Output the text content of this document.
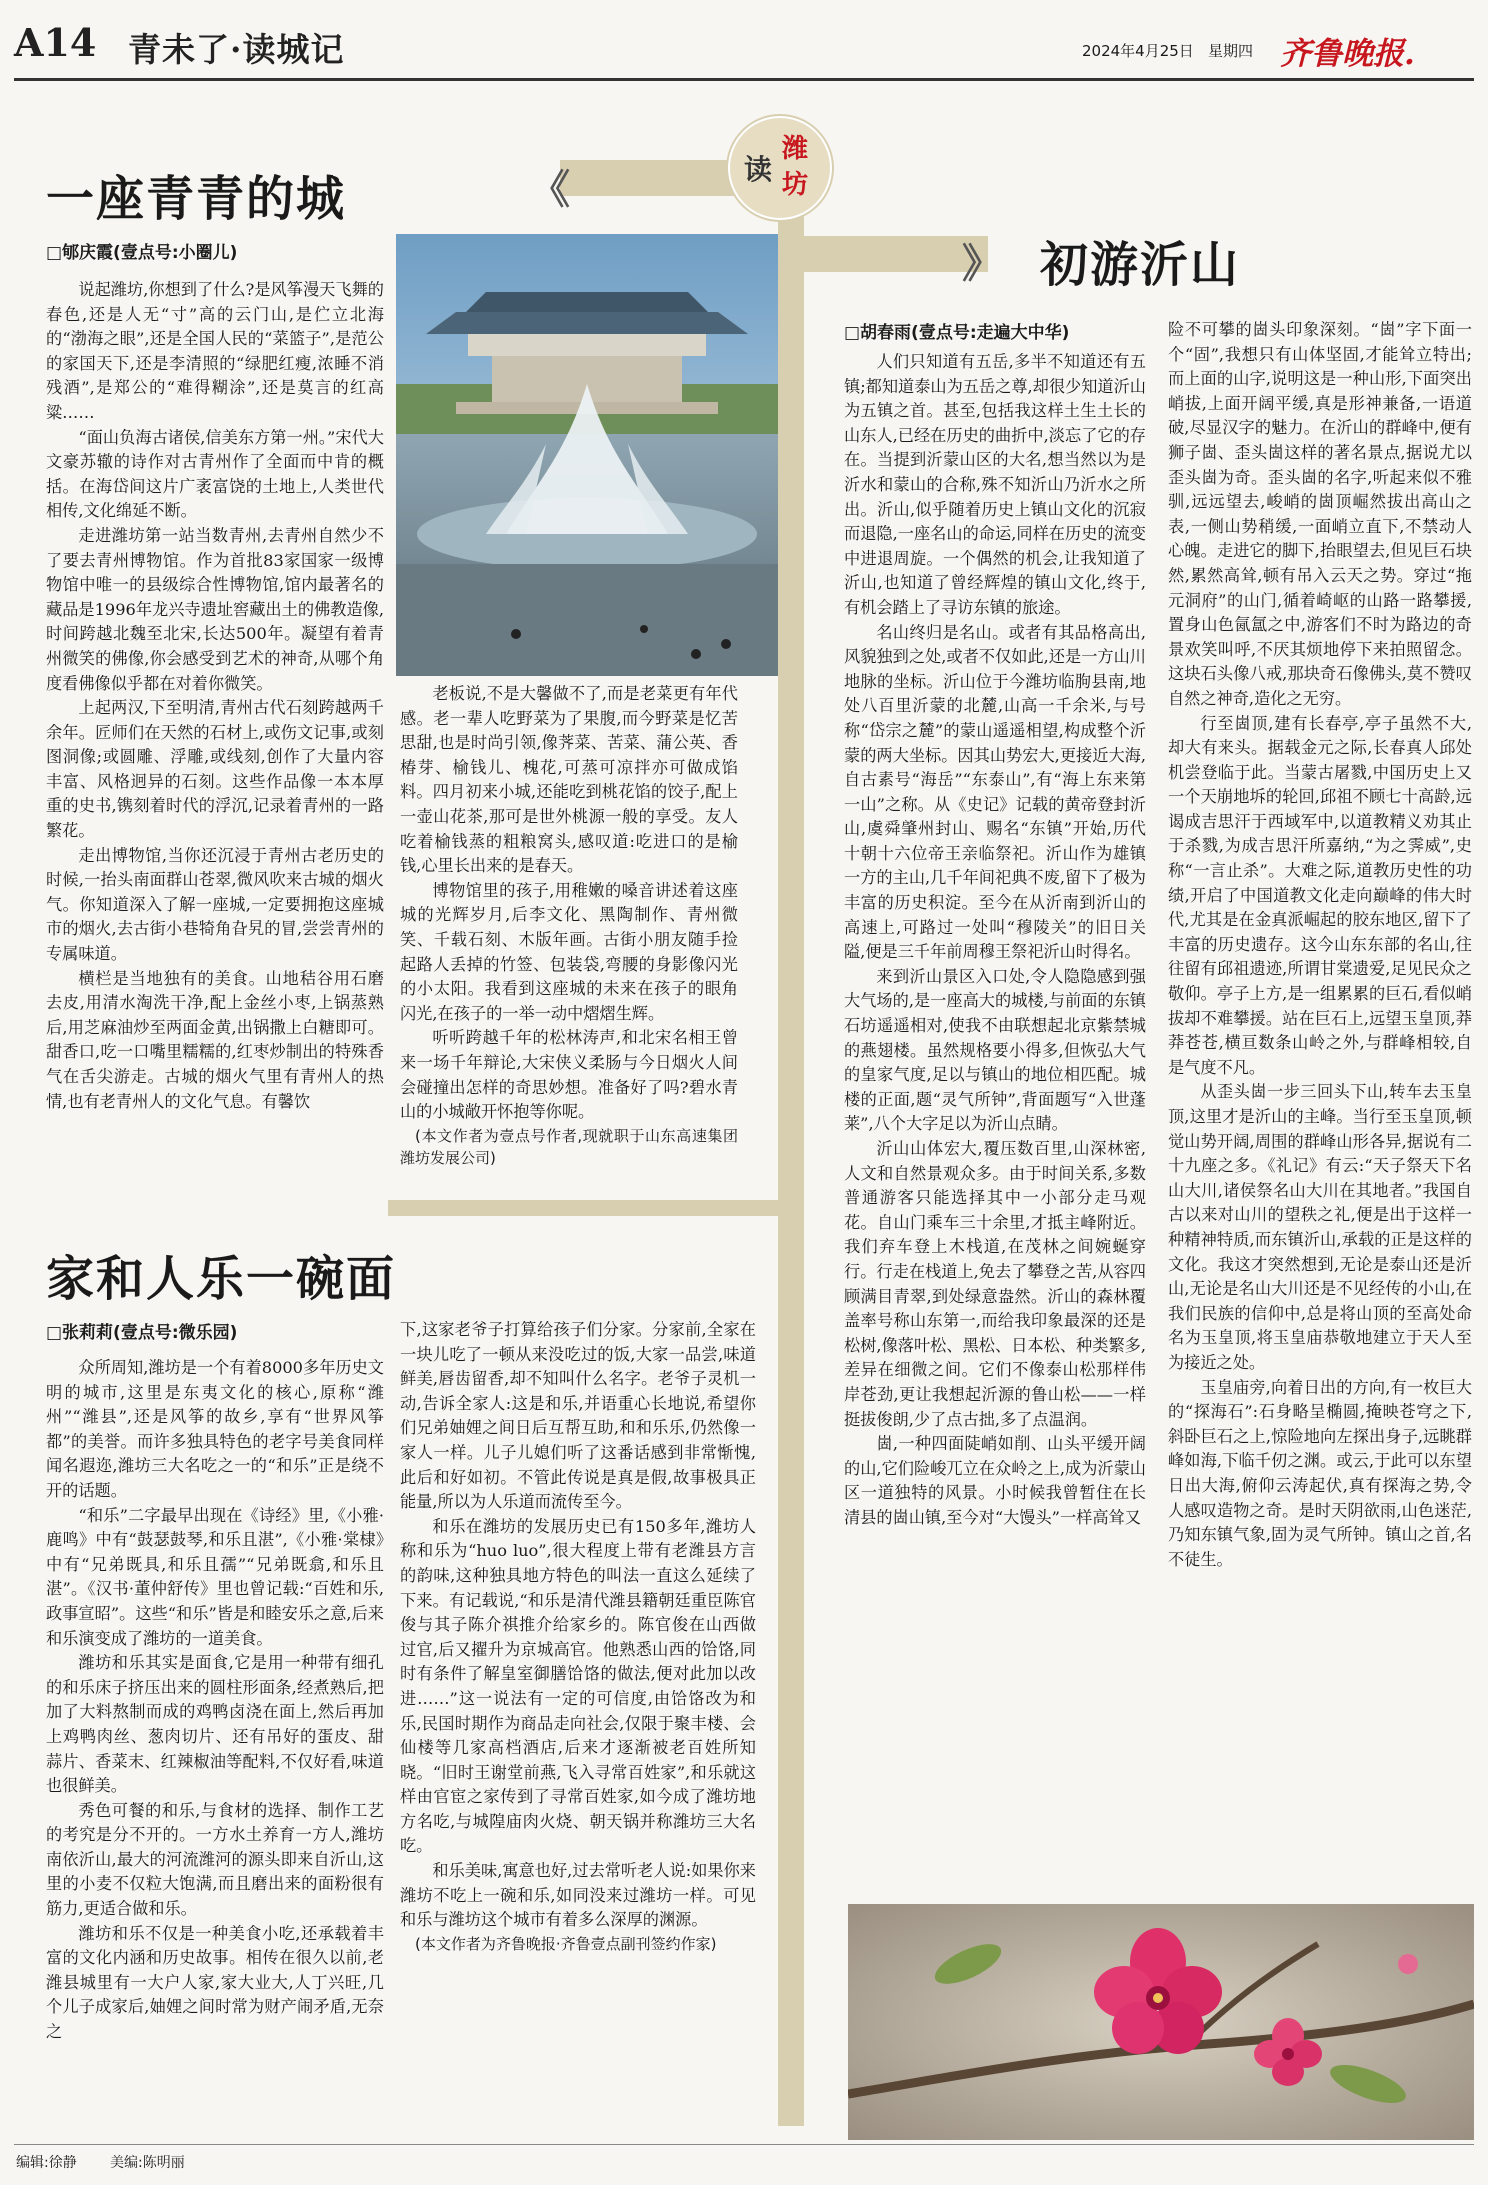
A14 青未了·读城记	2024年4月25日 星期四 齐鲁晚报.
《
》
读
潍
坊
一座青青的城
□郇庆霞(壹点号:小圈儿)

说起潍坊,你想到了什么?是风筝漫天飞舞的春色,还是人无“寸”高的云门山,是伫立北海的“渤海之眼”,还是全国人民的“菜篮子”,是范公的家国天下,还是李清照的“绿肥红瘦,浓睡不消残酒”,是郑公的“难得糊涂”,还是莫言的红高粱……

“面山负海古诸侯,信美东方第一州。”宋代大文豪苏辙的诗作对古青州作了全面而中肯的概括。在海岱间这片广袤富饶的土地上,人类世代相传,文化绵延不断。

走进潍坊第一站当数青州,去青州自然少不了要去青州博物馆。作为首批83家国家一级博物馆中唯一的县级综合性博物馆,馆内最著名的藏品是1996年龙兴寺遗址窖藏出土的佛教造像,时间跨越北魏至北宋,长达500年。凝望有着青州微笑的佛像,你会感受到艺术的神奇,从哪个角度看佛像似乎都在对着你微笑。

上起两汉,下至明清,青州古代石刻跨越两千余年。匠师们在天然的石材上,或伤文记事,或刻图洞像;或圆雕、浮雕,或线刻,创作了大量内容丰富、风格迥异的石刻。这些作品像一本本厚重的史书,镌刻着时代的浮沉,记录着青州的一路繁花。

走出博物馆,当你还沉浸于青州古老历史的时候,一抬头南面群山苍翠,微风吹来古城的烟火气。你知道深入了解一座城,一定要拥抱这座城市的烟火,去古街小巷犄角旮旯的冒,尝尝青州的专属味道。

横栏是当地独有的美食。山地秸谷用石磨去皮,用清水淘洗干净,配上金丝小枣,上锅蒸熟后,用芝麻油炒至两面金黄,出锅撒上白糖即可。甜香口,吃一口嘴里糯糯的,红枣炒制出的特殊香气在舌尖游走。古城的烟火气里有青州人的热情,也有老青州人的文化气息。有馨饮

老板说,不是大馨做不了,而是老菜更有年代感。老一辈人吃野菜为了果腹,而今野菜是忆苦思甜,也是时尚引领,像荠菜、苦菜、蒲公英、香椿芽、榆钱儿、槐花,可蒸可凉拌亦可做成馅料。四月初来小城,还能吃到桃花馅的饺子,配上一壶山花茶,那可是世外桃源一般的享受。友人吃着榆钱蒸的粗粮窝头,感叹道:吃进口的是榆钱,心里长出来的是春天。

博物馆里的孩子,用稚嫩的嗓音讲述着这座城的光辉岁月,后李文化、黑陶制作、青州微笑、千载石刻、木版年画。古街小朋友随手捡起路人丢掉的竹签、包装袋,弯腰的身影像闪光的小太阳。我看到这座城的未来在孩子的眼角闪光,在孩子的一举一动中熠熠生辉。

听听跨越千年的松林涛声,和北宋名相王曾来一场千年辩论,大宋侠义柔肠与今日烟火人间会碰撞出怎样的奇思妙想。准备好了吗?碧水青山的小城敞开怀抱等你呢。

(本文作者为壹点号作者,现就职于山东高速集团潍坊发展公司)

家和人乐一碗面
□张莉莉(壹点号:微乐园)

众所周知,潍坊是一个有着8000多年历史文明的城市,这里是东夷文化的核心,原称“潍州”“潍县”,还是风筝的故乡,享有“世界风筝都”的美誉。而许多独具特色的老字号美食同样闻名遐迩,潍坊三大名吃之一的“和乐”正是绕不开的话题。

“和乐”二字最早出现在《诗经》里,《小雅·鹿鸣》中有“鼓瑟鼓琴,和乐且湛”,《小雅·棠棣》中有“兄弟既具,和乐且孺”“兄弟既翕,和乐且湛”。《汉书·董仲舒传》里也曾记载:“百姓和乐,政事宣昭”。这些“和乐”皆是和睦安乐之意,后来和乐演变成了潍坊的一道美食。

潍坊和乐其实是面食,它是用一种带有细孔的和乐床子挤压出来的圆柱形面条,经煮熟后,把加了大料熬制而成的鸡鸭卤浇在面上,然后再加上鸡鸭肉丝、葱肉切片、还有吊好的蛋皮、甜蒜片、香菜末、红辣椒油等配料,不仅好看,味道也很鲜美。

秀色可餐的和乐,与食材的选择、制作工艺的考究是分不开的。一方水土养育一方人,潍坊南依沂山,最大的河流潍河的源头即来自沂山,这里的小麦不仅粒大饱满,而且磨出来的面粉很有筋力,更适合做和乐。

潍坊和乐不仅是一种美食小吃,还承载着丰富的文化内涵和历史故事。相传在很久以前,老潍县城里有一大户人家,家大业大,人丁兴旺,几个儿子成家后,妯娌之间时常为财产闹矛盾,无奈之

下,这家老爷子打算给孩子们分家。分家前,全家在一块儿吃了一顿从来没吃过的饭,大家一品尝,味道鲜美,唇齿留香,却不知叫什么名字。老爷子灵机一动,告诉全家人:这是和乐,并语重心长地说,希望你们兄弟妯娌之间日后互帮互助,和和乐乐,仍然像一家人一样。儿子儿媳们听了这番话感到非常惭愧,此后和好如初。不管此传说是真是假,故事极具正能量,所以为人乐道而流传至今。

和乐在潍坊的发展历史已有150多年,潍坊人称和乐为“huo luo”,很大程度上带有老潍县方言的韵味,这种独具地方特色的叫法一直这么延续了下来。有记载说,“和乐是清代潍县籍朝廷重臣陈官俊与其子陈介祺推介给家乡的。陈官俊在山西做过官,后又擢升为京城高官。他熟悉山西的饸饹,同时有条件了解皇室御膳饸饹的做法,便对此加以改进……”这一说法有一定的可信度,由饸饹改为和乐,民国时期作为商品走向社会,仅限于聚丰楼、会仙楼等几家高档酒店,后来才逐渐被老百姓所知晓。“旧时王谢堂前燕,飞入寻常百姓家”,和乐就这样由官宦之家传到了寻常百姓家,如今成了潍坊地方名吃,与城隍庙肉火烧、朝天锅并称潍坊三大名吃。

和乐美味,寓意也好,过去常听老人说:如果你来潍坊不吃上一碗和乐,如同没来过潍坊一样。可见和乐与潍坊这个城市有着多么深厚的渊源。

(本文作者为齐鲁晚报·齐鲁壹点副刊签约作家)

初游沂山
□胡春雨(壹点号:走遍大中华)

人们只知道有五岳,多半不知道还有五镇;都知道泰山为五岳之尊,却很少知道沂山为五镇之首。甚至,包括我这样土生土长的山东人,已经在历史的曲折中,淡忘了它的存在。当提到沂蒙山区的大名,想当然以为是沂水和蒙山的合称,殊不知沂山乃沂水之所出。沂山,似乎随着历史上镇山文化的沉寂而退隐,一座名山的命运,同样在历史的流变中进退周旋。一个偶然的机会,让我知道了沂山,也知道了曾经辉煌的镇山文化,终于,有机会踏上了寻访东镇的旅途。

名山终归是名山。或者有其品格高出,风貌独到之处,或者不仅如此,还是一方山川地脉的坐标。沂山位于今潍坊临朐县南,地处八百里沂蒙的北麓,山高一千余米,与号称“岱宗之麓”的蒙山遥遥相望,构成整个沂蒙的两大坐标。因其山势宏大,更接近大海,自古素号“海岳”“东泰山”,有“海上东来第一山”之称。从《史记》记载的黄帝登封沂山,虞舜肇州封山、赐名“东镇”开始,历代十朝十六位帝王亲临祭祀。沂山作为雄镇一方的主山,几千年间祀典不废,留下了极为丰富的历史积淀。至今在从沂南到沂山的高速上,可路过一处叫“穆陵关”的旧日关隘,便是三千年前周穆王祭祀沂山时得名。

来到沂山景区入口处,令人隐隐感到强大气场的,是一座高大的城楼,与前面的东镇石坊遥遥相对,使我不由联想起北京紫禁城的燕翅楼。虽然规格要小得多,但恢弘大气的皇家气度,足以与镇山的地位相匹配。城楼的正面,题“灵气所钟”,背面题写“入世蓬莱”,八个大字足以为沂山点睛。

沂山山体宏大,覆压数百里,山深林密,人文和自然景观众多。由于时间关系,多数普通游客只能选择其中一小部分走马观花。自山门乘车三十余里,才抵主峰附近。我们弃车登上木栈道,在茂林之间婉蜒穿行。行走在栈道上,免去了攀登之苦,从容四顾满目青翠,到处绿意盎然。沂山的森林覆盖率号称山东第一,而给我印象最深的还是松树,像落叶松、黑松、日本松、种类繁多,差异在细微之间。它们不像泰山松那样伟岸苍劲,更让我想起沂源的鲁山松——一样挺拔俊朗,少了点古拙,多了点温润。

崮,一种四面陡峭如削、山头平缓开阔的山,它们险峻兀立在众岭之上,成为沂蒙山区一道独特的风景。小时候我曾暂住在长清县的崮山镇,至今对“大馒头”一样高耸又

险不可攀的崮头印象深刻。“崮”字下面一个“固”,我想只有山体坚固,才能耸立特出;而上面的山字,说明这是一种山形,下面突出峭拔,上面开阔平缓,真是形神兼备,一语道破,尽显汉字的魅力。在沂山的群峰中,便有狮子崮、歪头崮这样的著名景点,据说尤以歪头崮为奇。歪头崮的名字,听起来似不雅驯,远远望去,峻峭的崮顶崛然拔出高山之表,一侧山势稍缓,一面峭立直下,不禁动人心魄。走进它的脚下,抬眼望去,但见巨石块然,累然高耸,顿有吊入云天之势。穿过“拖元洞府”的山门,循着崎岖的山路一路攀援,置身山色氤氲之中,游客们不时为路边的奇景欢笑叫呼,不厌其烦地停下来拍照留念。这块石头像八戒,那块奇石像佛头,莫不赞叹自然之神奇,造化之无穷。

行至崮顶,建有长春亭,亭子虽然不大,却大有来头。据载金元之际,长春真人邱处机尝登临于此。当蒙古屠戮,中国历史上又一个天崩地坼的轮回,邱祖不顾七十高龄,远谒成吉思汗于西域军中,以道教精义劝其止于杀戮,为成吉思汗所嘉纳,“为之霁威”,史称“一言止杀”。大难之际,道教历史性的功绩,开启了中国道教文化走向巅峰的伟大时代,尤其是在金真派崛起的胶东地区,留下了丰富的历史遗存。这今山东东部的名山,往往留有邱祖遗迹,所谓甘棠遗爱,足见民众之敬仰。亭子上方,是一组累累的巨石,看似峭拔却不难攀援。站在巨石上,远望玉皇顶,莽莽苍苍,横亘数条山岭之外,与群峰相较,自是气度不凡。

从歪头崮一步三回头下山,转车去玉皇顶,这里才是沂山的主峰。当行至玉皇顶,顿觉山势开阔,周围的群峰山形各异,据说有二十九座之多。《礼记》有云:“天子祭天下名山大川,诸侯祭名山大川在其地者。”我国自古以来对山川的望秩之礼,便是出于这样一种精神特质,而东镇沂山,承载的正是这样的文化。我这才突然想到,无论是泰山还是沂山,无论是名山大川还是不见经传的小山,在我们民族的信仰中,总是将山顶的至高处命名为玉皇顶,将玉皇庙恭敬地建立于天人至为接近之处。

玉皇庙旁,向着日出的方向,有一枚巨大的“探海石”:石身略呈椭圆,掩映苍穹之下,斜卧巨石之上,惊险地向左探出身子,远眺群峰如海,下临千仞之渊。或云,于此可以东望日出大海,俯仰云涛起伏,真有探海之势,令人感叹造物之奇。是时天阴欲雨,山色迷茫,乃知东镇气象,固为灵气所钟。镇山之首,名不徒生。

编辑:徐静 美编:陈明丽
